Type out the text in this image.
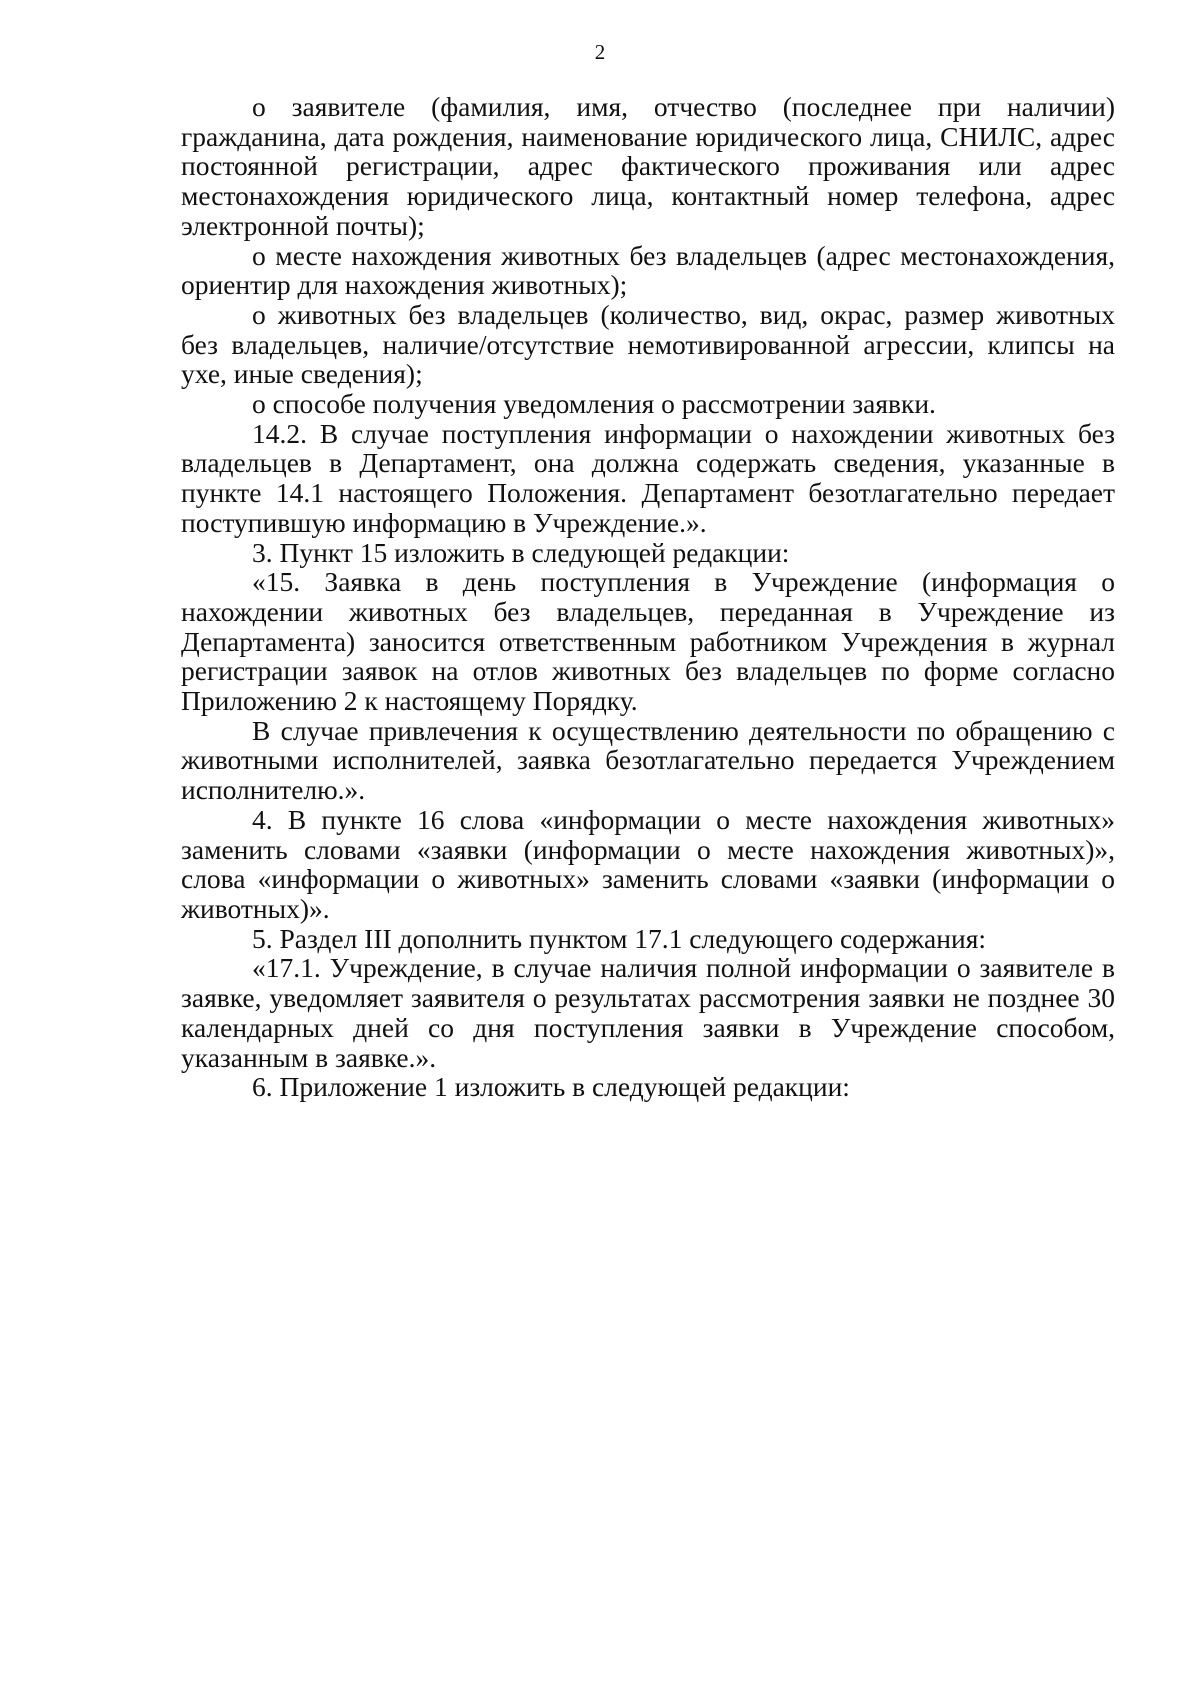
2

о заявителе (фамилия, имя, отчество (последнее при наличии) гражданина, дата рождения, наименование юридического лица, СНИЛС, адрес постоянной регистрации, адрес фактического проживания или адрес местонахождения юридического лица, контактный номер телефона, адрес электронной почты);

о месте нахождения животных без владельцев (адрес местонахождения, ориентир для нахождения животных);

о животных без владельцев (количество, вид, окрас, размер животных без владельцев, наличие/отсутствие немотивированной агрессии, клипсы на ухе, иные сведения);

о способе получения уведомления о рассмотрении заявки.

14.2. В случае поступления информации о нахождении животных без владельцев в Департамент, она должна содержать сведения, указанные в пункте 14.1 настоящего Положения. Департамент безотлагательно передает поступившую информацию в Учреждение.».

3. Пункт 15 изложить в следующей редакции:

«15. Заявка в день поступления в Учреждение (информация о нахождении животных без владельцев, переданная в Учреждение из Департамента) заносится ответственным работником Учреждения в журнал регистрации заявок на отлов животных без владельцев по форме согласно Приложению 2 к настоящему Порядку.

В случае привлечения к осуществлению деятельности по обращению с животными исполнителей, заявка безотлагательно передается Учреждением исполнителю.».

4. В пункте 16 слова «информации о месте нахождения животных» заменить словами «заявки (информации о месте нахождения животных)», слова «информации о животных» заменить словами «заявки (информации о животных)».

5. Раздел III дополнить пунктом 17.1 следующего содержания:

«17.1. Учреждение, в случае наличия полной информации о заявителе в заявке, уведомляет заявителя о результатах рассмотрения заявки не позднее 30 календарных дней со дня поступления заявки в Учреждение способом, указанным в заявке.».

6. Приложение 1 изложить в следующей редакции:
